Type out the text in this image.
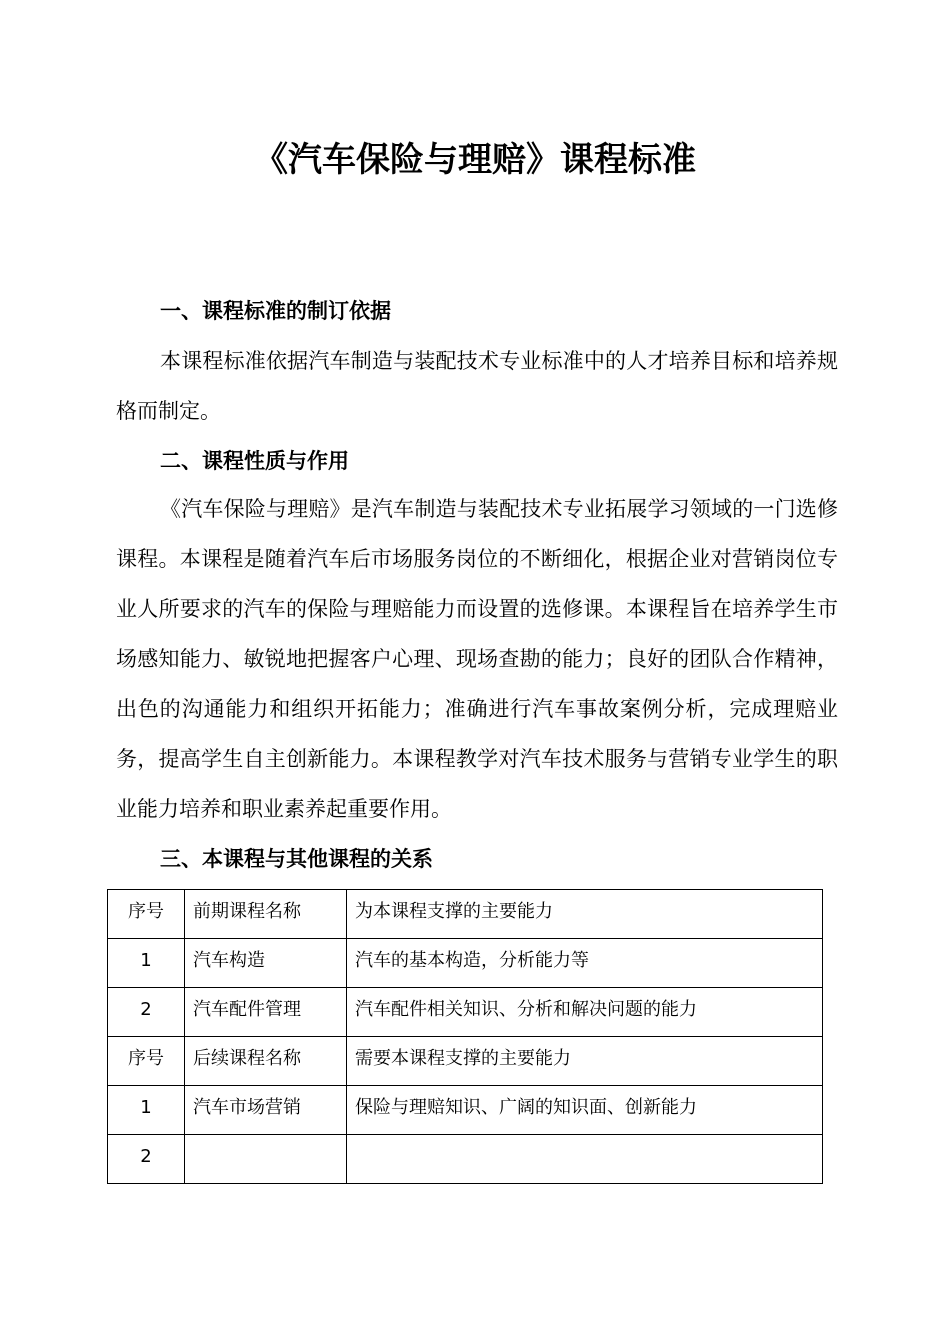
《汽车保险与理赔》课程标准
一、课程标准的制订依据
本课程标准依据汽车制造与装配技术专业标准中的人才培养目标和培养规格而制定。
二、课程性质与作用
《汽车保险与理赔》是汽车制造与装配技术专业拓展学习领域的一门选修课程。本课程是随着汽车后市场服务岗位的不断细化，根据企业对营销岗位专业人所要求的汽车的保险与理赔能力而设置的选修课。本课程旨在培养学生市场感知能力、敏锐地把握客户心理、现场查勘的能力；良好的团队合作精神，出色的沟通能力和组织开拓能力；准确进行汽车事故案例分析，完成理赔业务，提高学生自主创新能力。本课程教学对汽车技术服务与营销专业学生的职业能力培养和职业素养起重要作用。
三、本课程与其他课程的关系
序号	前期课程名称	为本课程支撑的主要能力
1	汽车构造	汽车的基本构造，分析能力等
2	汽车配件管理	汽车配件相关知识、分析和解决问题的能力
序号	后续课程名称	需要本课程支撑的主要能力
1	汽车市场营销	保险与理赔知识、广阔的知识面、创新能力
2		
